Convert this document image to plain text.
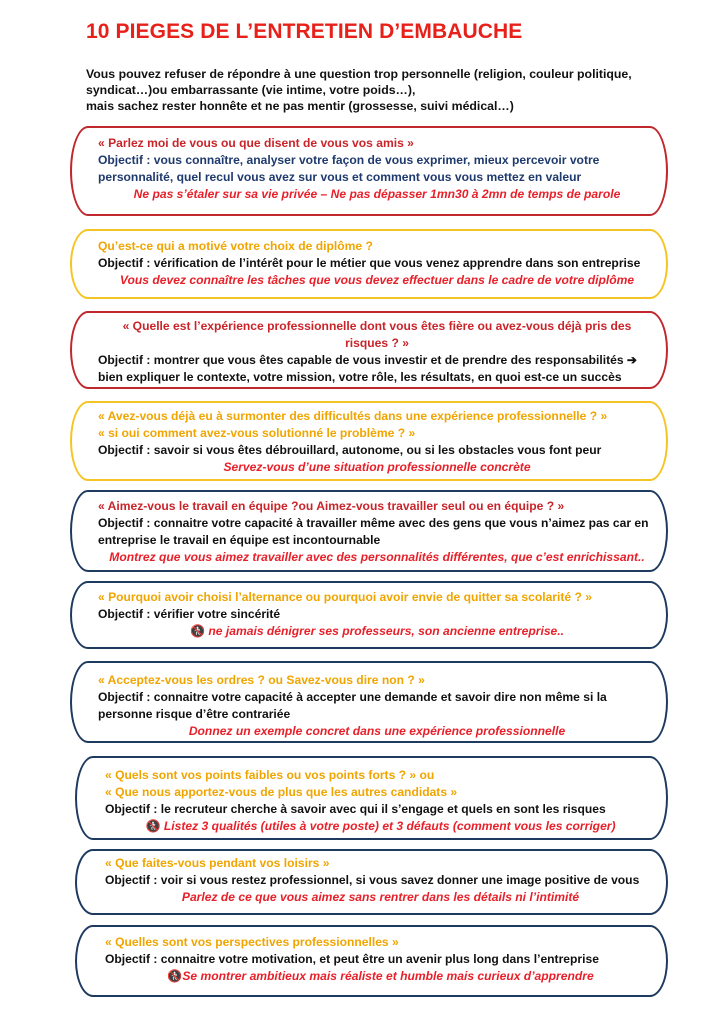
10 PIEGES DE L’ENTRETIEN D’EMBAUCHE
Vous pouvez refuser de répondre à une question trop personnelle (religion, couleur politique,
syndicat…)ou embarrassante (vie intime, votre poids…),
mais sachez rester honnête et ne pas mentir (grossesse, suivi médical…)
« Parlez moi de vous ou que disent de vous vos amis »
Objectif : vous connaître, analyser votre façon de vous exprimer, mieux percevoir votre
personnalité, quel recul vous avez sur vous et comment vous vous mettez en valeur
Ne pas s’étaler sur sa vie privée – Ne pas dépasser 1mn30 à 2mn de temps de parole
Qu’est-ce qui a motivé votre choix de diplôme ?
Objectif : vérification de l’intérêt pour le métier que vous venez apprendre dans son entreprise
Vous devez connaître les tâches que vous devez effectuer dans le cadre de votre diplôme
« Quelle est l’expérience professionnelle dont vous êtes fière ou avez-vous déjà pris des
risques ? »
Objectif : montrer que vous êtes capable de vous investir et de prendre des responsabilités ➔
bien expliquer le contexte, votre mission, votre rôle, les résultats, en quoi est-ce un succès
« Avez-vous déjà eu à surmonter des difficultés dans une expérience professionnelle ? »
« si oui comment avez-vous solutionné le problème ? »
Objectif : savoir si vous êtes débrouillard, autonome, ou si les obstacles vous font peur
Servez-vous d’une situation professionnelle concrète
« Aimez-vous le travail en équipe ?ou Aimez-vous travailler seul ou en équipe ? »
Objectif : connaitre votre capacité à travailler même avec des gens que vous n’aimez pas car en
entreprise le travail en équipe est incontournable
Montrez que vous aimez travailler avec des personnalités différentes, que c’est enrichissant..
« Pourquoi avoir choisi l’alternance ou pourquoi avoir envie de quitter sa scolarité ? »
Objectif : vérifier votre sincérité
🚷 ne jamais dénigrer ses professeurs, son ancienne entreprise..
« Acceptez-vous les ordres ? ou Savez-vous dire non ? »
Objectif : connaitre votre capacité à accepter une demande et savoir dire non même si la
personne risque d’être contrariée
Donnez un exemple concret dans une expérience professionnelle
« Quels sont vos points faibles ou vos points forts ? » ou
« Que nous apportez-vous de plus que les autres candidats »
Objectif : le recruteur cherche à savoir avec qui il s’engage et quels en sont les risques
🚷 Listez 3 qualités (utiles à votre poste) et 3 défauts (comment vous les corriger)
« Que faites-vous pendant vos loisirs »
Objectif : voir si vous restez professionnel, si vous savez donner une image positive de vous
Parlez de ce que vous aimez sans rentrer dans les détails ni l’intimité
« Quelles sont vos perspectives professionnelles »
Objectif : connaitre votre motivation, et peut être un avenir plus long dans l’entreprise
🚷Se montrer ambitieux mais réaliste et humble mais curieux d’apprendre
